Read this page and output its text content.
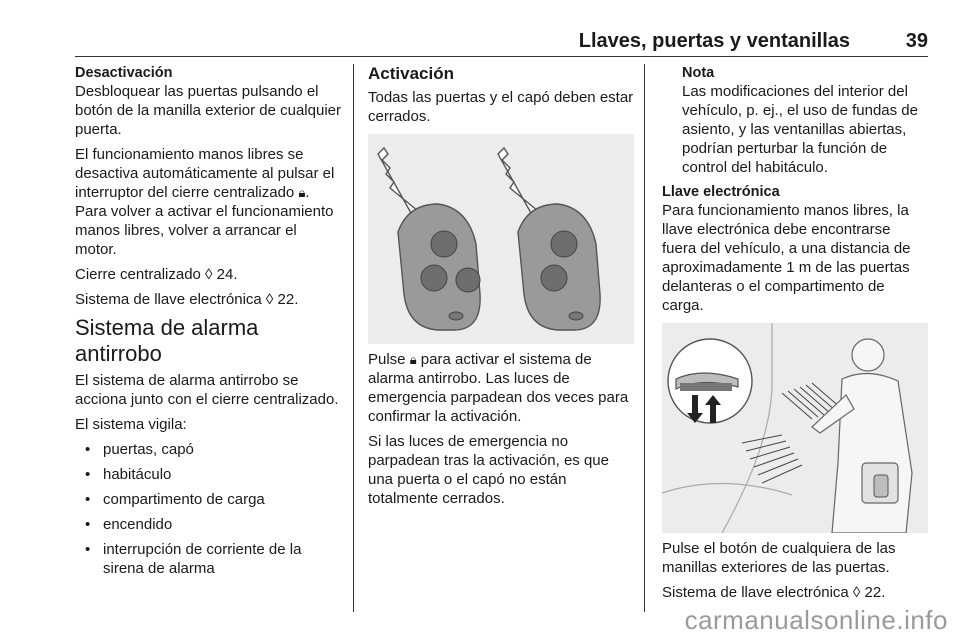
Llaves, puertas y ventanillas	39
Desactivación

Desbloquear las puertas pulsando el botón de la manilla exterior de cualquier puerta.

El funcionamiento manos libres se desactiva automáticamente al pulsar el interruptor del cierre centralizado 🔒︎. Para volver a activar el funcionamiento manos libres, volver a arrancar el motor.

Cierre centralizado ◊ 24.

Sistema de llave electrónica ◊ 22.

Sistema de alarma antirrobo

El sistema de alarma antirrobo se acciona junto con el cierre centralizado.

El sistema vigila:

• puertas, capó
• habitáculo
• compartimento de carga
• encendido
• interrupción de corriente de la sirena de alarma
Activación

Todas las puertas y el capó deben estar cerrados.

Pulse 🔒︎ para activar el sistema de alarma antirrobo. Las luces de emergencia parpadean dos veces para confirmar la activación.

Si las luces de emergencia no parpadean tras la activación, es que una puerta o el capó no están totalmente cerrados.

Nota

Las modificaciones del interior del vehículo, p. ej., el uso de fundas de asiento, y las ventanillas abiertas, podrían perturbar la función de control del habitáculo.

Llave electrónica

Para funcionamiento manos libres, la llave electrónica debe encontrarse fuera del vehículo, a una distancia de aproximadamente 1 m de las puertas delanteras o el compartimento de carga.

Pulse el botón de cualquiera de las manillas exteriores de las puertas.

Sistema de llave electrónica ◊ 22.

carmanualsonline.info
